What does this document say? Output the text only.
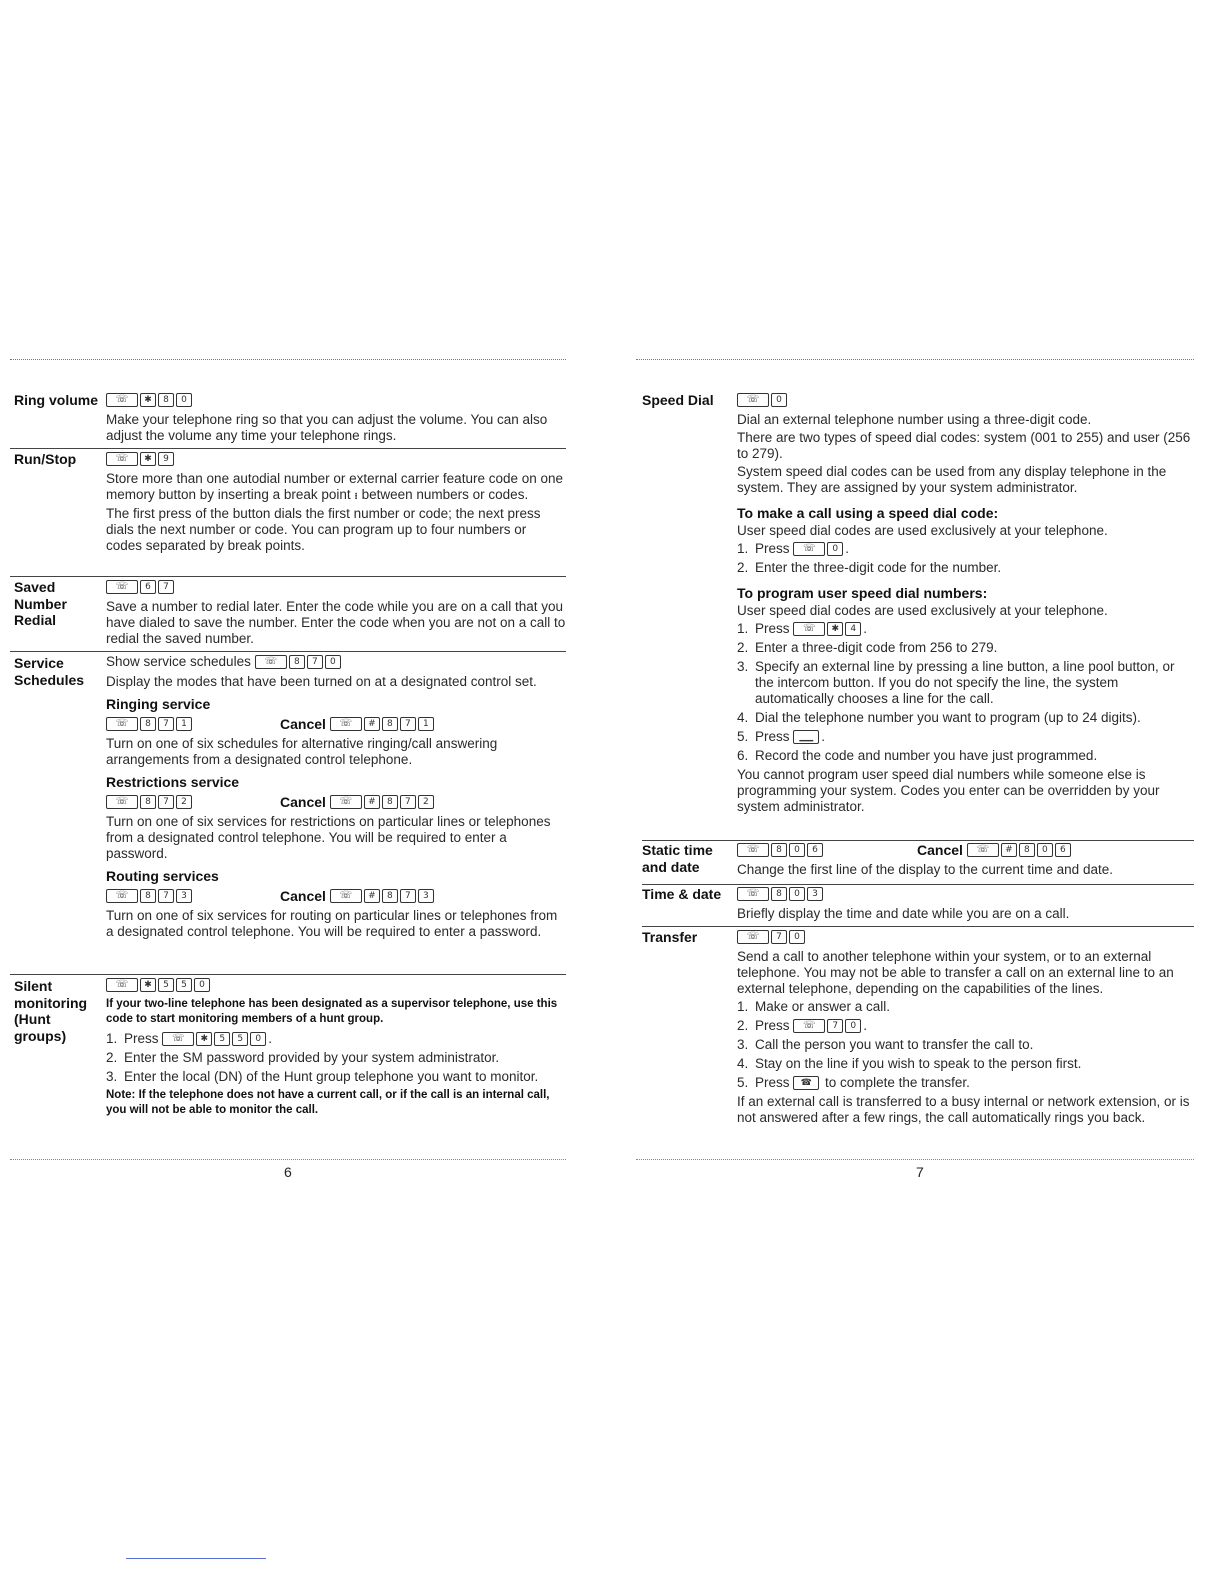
Ring volume	☏	✱	8	0

Make your telephone ring so that you can adjust the volume. You can also adjust the volume any time your telephone rings.

Run/Stop	☏	✱	9

Store more than one autodial number or external carrier feature code on one memory button by inserting a break point ⁝ between numbers or codes.

The first press of the button dials the first number or code; the next press dials the next number or code. You can program up to four numbers or codes separated by break points.

Saved Number Redial
☏	6	7

Save a number to redial later. Enter the code while you are on a call that you have dialed to save the number. Enter the code when you are not on a call to redial the saved number.

Service Schedules
Show service schedules	☏	8	7	0

Display the modes that have been turned on at a designated control set.

Ringing service
☏	8	7	1	Cancel	☏	#	8	7	1

Turn on one of six schedules for alternative ringing/call answering arrangements from a designated control telephone.

Restrictions service
☏	8	7	2	Cancel	☏	#	8	7	2

Turn on one of six services for restrictions on particular lines or telephones from a designated control telephone. You will be required to enter a password.

Routing services
☏	8	7	3	Cancel	☏	#	8	7	3

Turn on one of six services for routing on particular lines or telephones from a designated control telephone. You will be required to enter a password.

Silent monitoring (Hunt groups)
☏	✱	5	5	0
If your two-line telephone has been designated as a supervisor telephone, use this code to start monitoring members of a hunt group.
1. Press	☏	✱	5	5	0 .
2. Enter the SM password provided by your system administrator.
3. Enter the local (DN) of the Hunt group telephone you want to monitor.
Note: If the telephone does not have a current call, or if the call is an internal call, you will not be able to monitor the call.
6
Speed Dial	☏	0

Dial an external telephone number using a three-digit code.

There are two types of speed dial codes: system (001 to 255) and user (256 to 279).

System speed dial codes can be used from any display telephone in the system. They are assigned by your system administrator.

To make a call using a speed dial code:

User speed dial codes are used exclusively at your telephone.

1. Press	☏	0 .
2. Enter the three-digit code for the number.
To program user speed dial numbers:

User speed dial codes are used exclusively at your telephone.

1. Press	☏	✱	4 .
2. Enter a three-digit code from 256 to 279.
3. Specify an external line by pressing a line button, a line pool button, or the intercom button. If you do not specify the line, the system automatically chooses a line for the call.
4. Dial the telephone number you want to program (up to 24 digits).
5. Press ▁▁ .
6. Record the code and number you have just programmed.

You cannot program user speed dial numbers while someone else is programming your system. Codes you enter can be overridden by your system administrator.

Static time and date
☏	8	0	6	Cancel	☏	#	8	0	6

Change the first line of the display to the current time and date.

Time & date	☏	8	0	3

Briefly display the time and date while you are on a call.

Transfer	☏	7	0

Send a call to another telephone within your system, or to an external telephone. You may not be able to transfer a call on an external line to an external telephone, depending on the capabilities of the lines.

1. Make or answer a call.
2. Press	☏	7	0 .
3. Call the person you want to transfer the call to.
4. Stay on the line if you wish to speak to the person first.
5. Press ☎ to complete the transfer.

If an external call is transferred to a busy internal or network extension, or is not answered after a few rings, the call automatically rings you back.

7
